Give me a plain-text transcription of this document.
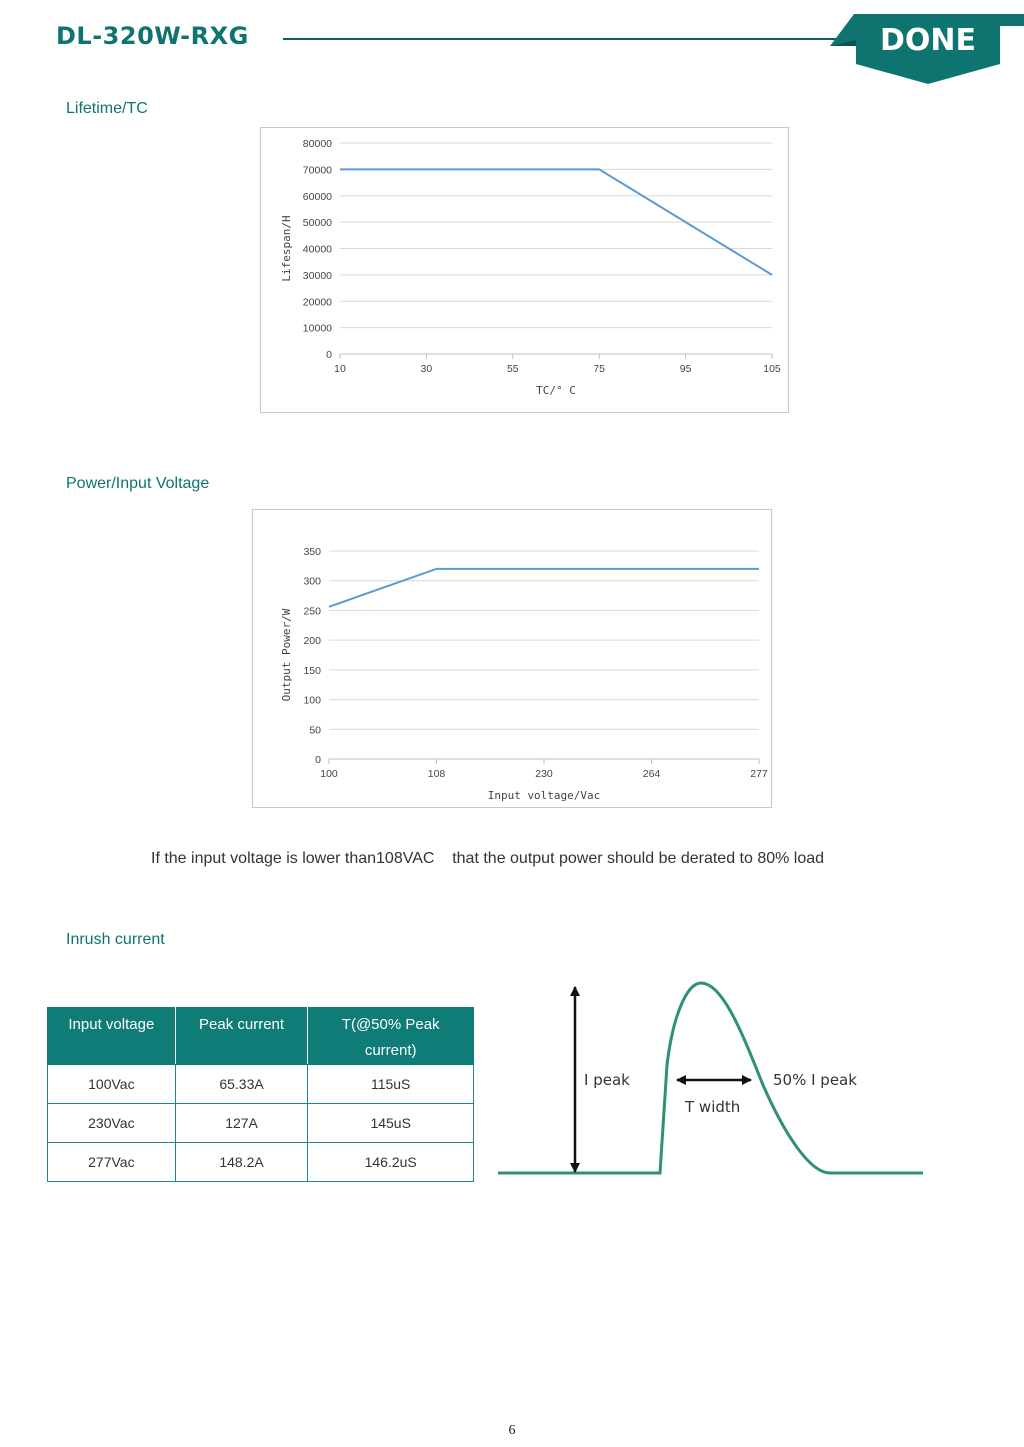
DL-320W-RXG	DONE
Lifetime/TC
80000
70000
60000
50000
40000
30000
20000
10000
0
10	30	55	75	95	105
TC/° C
Lifespan/H
Power/Input Voltage
350
300
250
200
150
100
50
0
100	108	230	264	277
Input voltage/Vac
Output Power/W
If the input voltage is lower than108VAC    that the output power should be derated to 80% load
Inrush current
Input voltage	Peak current	T(@50% Peak current)
100Vac	65.33A	115uS
230Vac	127A	145uS
277Vac	148.2A	146.2uS
I peak
T width
50% I peak
6
